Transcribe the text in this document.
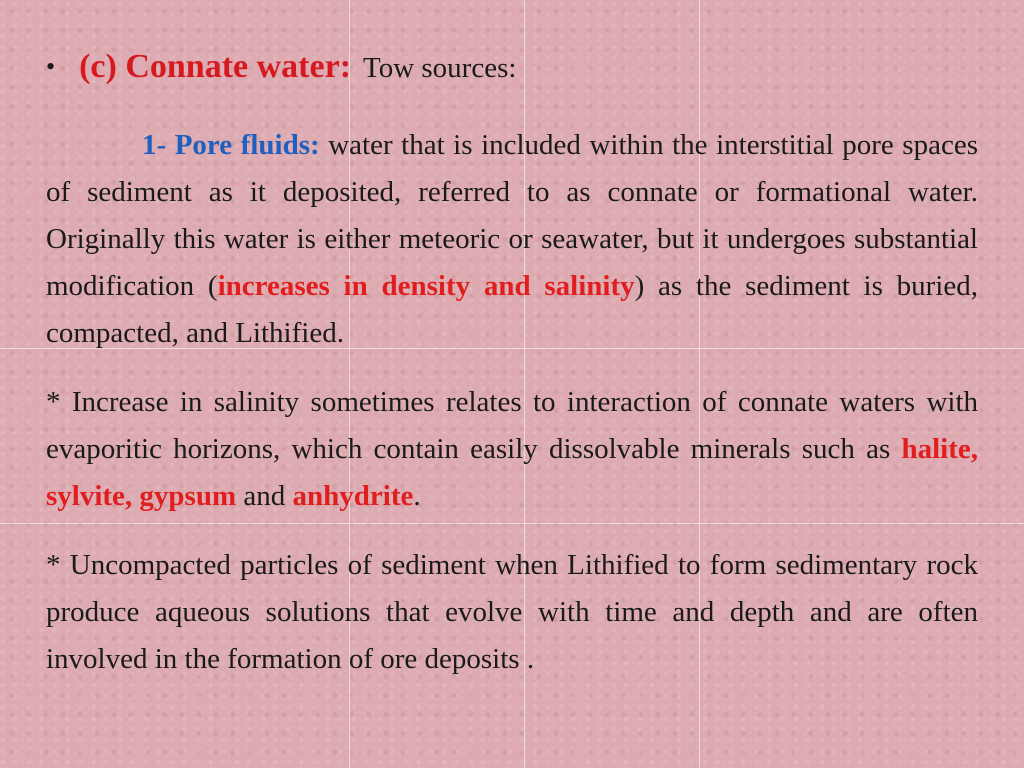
• (c) Connate water: Tow sources:

1- Pore fluids: water that is included within the interstitial pore spaces of sediment as it deposited, referred to as connate or formational water. Originally this water is either meteoric or seawater, but it undergoes substantial modification (increases in density and salinity) as the sediment is buried, compacted, and Lithified.

* Increase in salinity sometimes relates to interaction of connate waters with evaporitic horizons, which contain easily dissolvable minerals such as halite, sylvite, gypsum and anhydrite.

* Uncompacted particles of sediment when Lithified to form sedimentary rock produce aqueous solutions that evolve with time and depth and are often involved in the formation of ore deposits .
